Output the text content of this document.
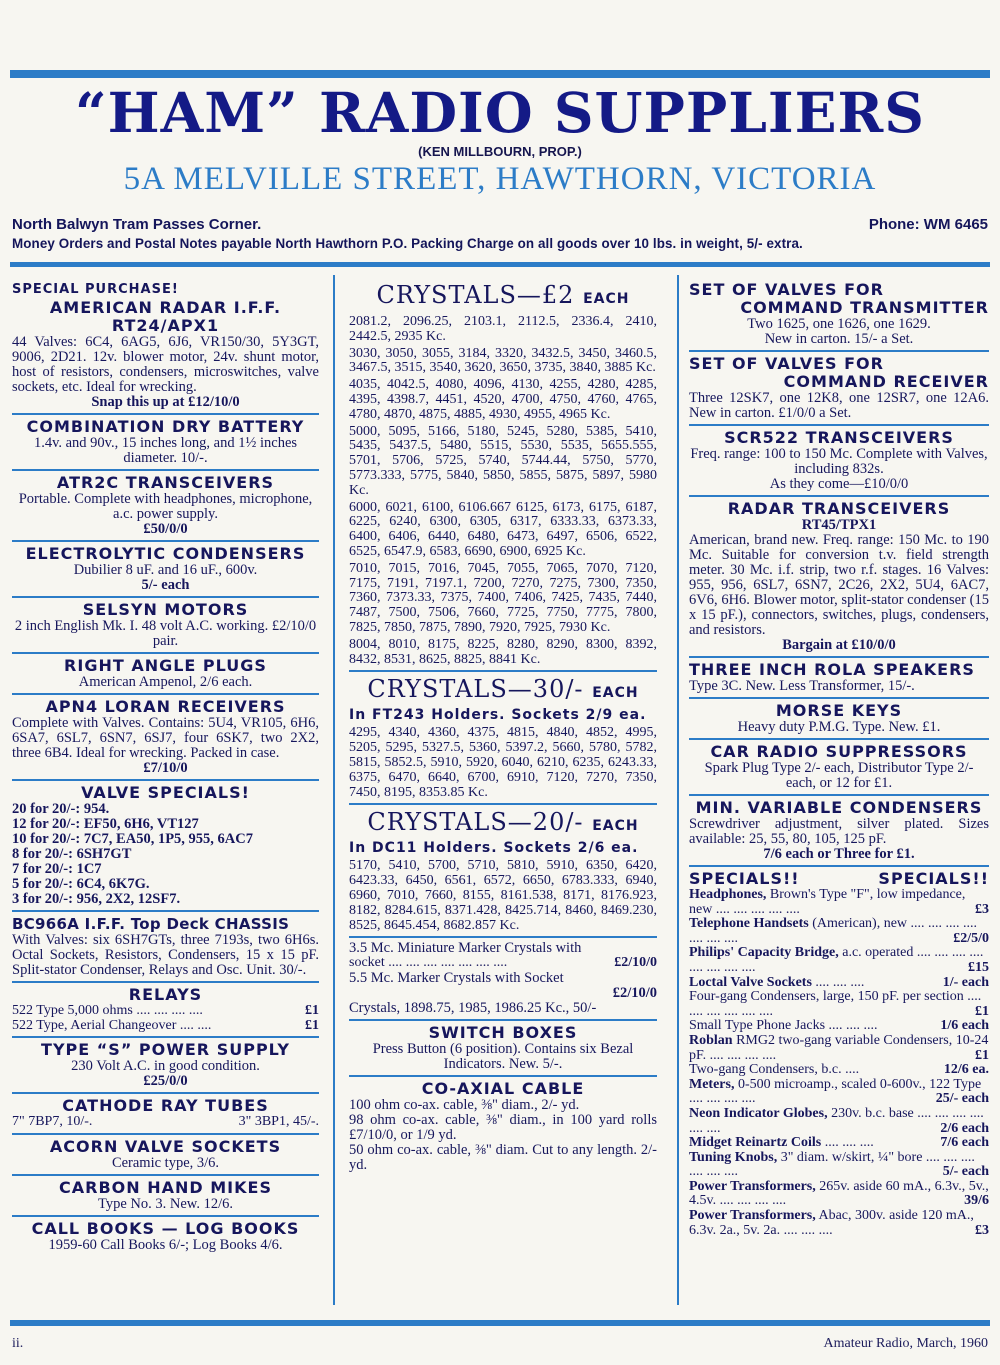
“HAM” RADIO SUPPLIERS
(KEN MILLBOURN, PROP.)
5A MELVILLE STREET, HAWTHORN, VICTORIA
North Balwyn Tram Passes Corner.	Phone: WM 6465
Money Orders and Postal Notes payable North Hawthorn P.O. Packing Charge on all goods over 10 lbs. in weight, 5/- extra.
SPECIAL PURCHASE!
AMERICAN RADAR I.F.F.
RT24/APX1
44 Valves: 6C4, 6AG5, 6J6, VR150/30, 5Y3GT, 9006, 2D21. 12v. blower motor, 24v. shunt motor, host of resistors, condensers, microswitches, valve sockets, etc. Ideal for wrecking.
Snap this up at £12/10/0
COMBINATION DRY BATTERY
1.4v. and 90v., 15 inches long, and 1½ inches diameter. 10/-.
ATR2C TRANSCEIVERS
Portable. Complete with headphones, microphone, a.c. power supply.
£50/0/0
ELECTROLYTIC CONDENSERS
Dubilier 8 uF. and 16 uF., 600v.
5/- each
SELSYN MOTORS
2 inch English Mk. I. 48 volt A.C. working. £2/10/0 pair.
RIGHT ANGLE PLUGS
American Ampenol, 2/6 each.
APN4 LORAN RECEIVERS
Complete with Valves. Contains: 5U4, VR105, 6H6, 6SA7, 6SL7, 6SN7, 6SJ7, four 6SK7, two 2X2, three 6B4. Ideal for wrecking. Packed in case.
£7/10/0
VALVE SPECIALS!
20 for 20/-: 954.
12 for 20/-: EF50, 6H6, VT127
10 for 20/-: 7C7, EA50, 1P5, 955, 6AC7
8 for 20/-: 6SH7GT
7 for 20/-: 1C7
5 for 20/-: 6C4, 6K7G.
3 for 20/-: 956, 2X2, 12SF7.
BC966A I.F.F. Top Deck CHASSIS
With Valves: six 6SH7GTs, three 7193s, two 6H6s. Octal Sockets, Resistors, Condensers, 15 x 15 pF. Split-stator Condenser, Relays and Osc. Unit. 30/-.
RELAYS
522 Type 5,000 ohms .... .... .... ....	£1
522 Type, Aerial Changeover .... ....	£1
TYPE “S” POWER SUPPLY
230 Volt A.C. in good condition.
£25/0/0
CATHODE RAY TUBES
7" 7BP7, 10/-.	3" 3BP1, 45/-.
ACORN VALVE SOCKETS
Ceramic type, 3/6.
CARBON HAND MIKES
Type No. 3. New. 12/6.
CALL BOOKS — LOG BOOKS
1959-60 Call Books 6/-; Log Books 4/6.
CRYSTALS—£2 EACH
2081.2, 2096.25, 2103.1, 2112.5, 2336.4, 2410, 2442.5, 2935 Kc.
3030, 3050, 3055, 3184, 3320, 3432.5, 3450, 3460.5, 3467.5, 3515, 3540, 3620, 3650, 3735, 3840, 3885 Kc.
4035, 4042.5, 4080, 4096, 4130, 4255, 4280, 4285, 4395, 4398.7, 4451, 4520, 4700, 4750, 4760, 4765, 4780, 4870, 4875, 4885, 4930, 4955, 4965 Kc.
5000, 5095, 5166, 5180, 5245, 5280, 5385, 5410, 5435, 5437.5, 5480, 5515, 5530, 5535, 5655.555, 5701, 5706, 5725, 5740, 5744.44, 5750, 5770, 5773.333, 5775, 5840, 5850, 5855, 5875, 5897, 5980 Kc.
6000, 6021, 6100, 6106.667 6125, 6173, 6175, 6187, 6225, 6240, 6300, 6305, 6317, 6333.33, 6373.33, 6400, 6406, 6440, 6480, 6473, 6497, 6506, 6522, 6525, 6547.9, 6583, 6690, 6900, 6925 Kc.
7010, 7015, 7016, 7045, 7055, 7065, 7070, 7120, 7175, 7191, 7197.1, 7200, 7270, 7275, 7300, 7350, 7360, 7373.33, 7375, 7400, 7406, 7425, 7435, 7440, 7487, 7500, 7506, 7660, 7725, 7750, 7775, 7800, 7825, 7850, 7875, 7890, 7920, 7925, 7930 Kc.
8004, 8010, 8175, 8225, 8280, 8290, 8300, 8392, 8432, 8531, 8625, 8825, 8841 Kc.
CRYSTALS—30/- EACH
In FT243 Holders. Sockets 2/9 ea.
4295, 4340, 4360, 4375, 4815, 4840, 4852, 4995, 5205, 5295, 5327.5, 5360, 5397.2, 5660, 5780, 5782, 5815, 5852.5, 5910, 5920, 6040, 6210, 6235, 6243.33, 6375, 6470, 6640, 6700, 6910, 7120, 7270, 7350, 7450, 8195, 8353.85 Kc.
CRYSTALS—20/- EACH
In DC11 Holders. Sockets 2/6 ea.
5170, 5410, 5700, 5710, 5810, 5910, 6350, 6420, 6423.33, 6450, 6561, 6572, 6650, 6783.333, 6940, 6960, 7010, 7660, 8155, 8161.538, 8171, 8176.923, 8182, 8284.615, 8371.428, 8425.714, 8460, 8469.230, 8525, 8645.454, 8682.857 Kc.
3.5 Mc. Miniature Marker Crystals with
socket .... .... .... .... .... .... ....	£2/10/0
5.5 Mc. Marker Crystals with Socket
£2/10/0
Crystals, 1898.75, 1985, 1986.25 Kc., 50/-
SWITCH BOXES
Press Button (6 position). Contains six Bezal Indicators. New. 5/-.
CO-AXIAL CABLE
100 ohm co-ax. cable, ⅜" diam., 2/- yd.
98 ohm co-ax. cable, ⅜" diam., in 100 yard rolls £7/10/0, or 1/9 yd.
50 ohm co-ax. cable, ⅜" diam. Cut to any length. 2/- yd.
SET OF VALVES FOR
COMMAND TRANSMITTER
Two 1625, one 1626, one 1629.
New in carton. 15/- a Set.
SET OF VALVES FOR
COMMAND RECEIVER
Three 12SK7, one 12K8, one 12SR7, one 12A6. New in carton. £1/0/0 a Set.
SCR522 TRANSCEIVERS
Freq. range: 100 to 150 Mc. Complete with Valves, including 832s.
As they come—£10/0/0
RADAR TRANSCEIVERS
RT45/TPX1
American, brand new. Freq. range: 150 Mc. to 190 Mc. Suitable for conversion t.v. field strength meter. 30 Mc. i.f. strip, two r.f. stages. 16 Valves: 955, 956, 6SL7, 6SN7, 2C26, 2X2, 5U4, 6AC7, 6V6, 6H6. Blower motor, split-stator condenser (15 x 15 pF.), connectors, switches, plugs, condensers, and resistors.
Bargain at £10/0/0
THREE INCH ROLA SPEAKERS
Type 3C. New. Less Transformer, 15/-.
MORSE KEYS
Heavy duty P.M.G. Type. New. £1.
CAR RADIO SUPPRESSORS
Spark Plug Type 2/- each, Distributor Type 2/- each, or 12 for £1.
MIN. VARIABLE CONDENSERS
Screwdriver adjustment, silver plated. Sizes available: 25, 55, 80, 105, 125 pF.
7/6 each or Three for £1.
SPECIALS!!	SPECIALS!!
Headphones, Brown's Type "F", low impedance, new .... .... .... .... ....	£3
Telephone Handsets (American), new .... .... .... .... .... .... ....	£2/5/0
Philips' Capacity Bridge, a.c. operated .... .... .... .... .... .... .... ....	£15
Loctal Valve Sockets .... .... ....	1/- each
Four-gang Condensers, large, 150 pF. per section .... .... .... .... .... ....	£1
Small Type Phone Jacks .... .... ....	1/6 each
Roblan RMG2 two-gang variable Condensers, 10-24 pF. .... .... .... ....	£1
Two-gang Condensers, b.c. ....	12/6 ea.
Meters, 0-500 microamp., scaled 0-600v., 122 Type .... .... .... ....	25/- each
Neon Indicator Globes, 230v. b.c. base .... .... .... .... .... ....	2/6 each
Midget Reinartz Coils .... .... ....	7/6 each
Tuning Knobs, 3" diam. w/skirt, ¼" bore .... .... .... .... .... ....	5/- each
Power Transformers, 265v. aside 60 mA., 6.3v., 5v., 4.5v. .... .... .... ....	39/6
Power Transformers, Abac, 300v. aside 120 mA., 6.3v. 2a., 5v. 2a. .... .... ....	£3
ii.	Amateur Radio, March, 1960
